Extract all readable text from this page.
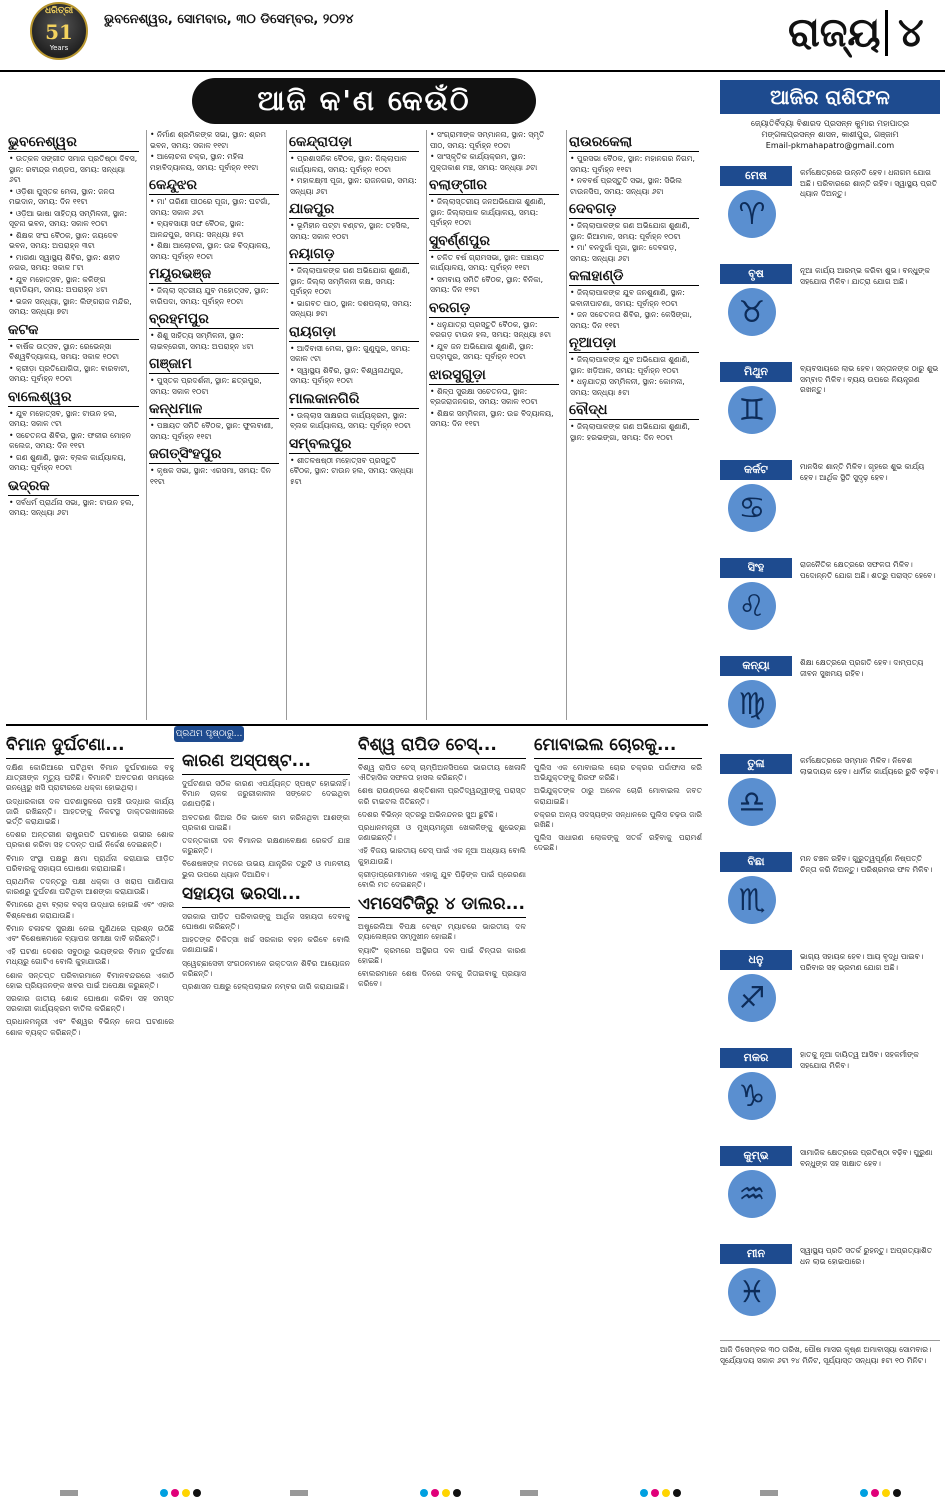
ଧରିତ୍ରୀ
51
Years
ଭୁବନେଶ୍ୱର, ସୋମବାର, ୩୦ ଡିସେମ୍ବର, ୨୦୨୪	ରାଜ୍ୟ ୪
ଆଜି କ'ଣ କେଉଁଠି
ଭୁବନେଶ୍ୱର
• ଉତ୍କଳ ସଙ୍ଗୀତ ସମାଜ ପ୍ରତିଷ୍ଠା ଦିବସ, ସ୍ଥାନ: ରବୀନ୍ଦ୍ର ମଣ୍ଡପ, ସମୟ: ସନ୍ଧ୍ୟା ୬ଟା
• ଓଡ଼ିଶା ପୁସ୍ତକ ମେଳା, ସ୍ଥାନ: ଜନତା ମଇଦାନ, ସମୟ: ଦିନ ୧୧ଟା
• ଓଡ଼ିଆ ଭାଷା ସାହିତ୍ୟ ସମ୍ମିଳନୀ, ସ୍ଥାନ: ସୂଚନା ଭବନ, ସମୟ: ସକାଳ ୧୦ଟା
• ଶିକ୍ଷକ ସଂଘ ବୈଠକ, ସ୍ଥାନ: ଜୟଦେବ ଭବନ, ସମୟ: ଅପରାହ୍ନ ୩ଟା
• ମାଗଣା ସ୍ୱାସ୍ଥ୍ୟ ଶିବିର, ସ୍ଥାନ: ଶହୀଦ ନଗର, ସମୟ: ସକାଳ ୮ଟା
• ଯୁବ ମହୋତ୍ସବ, ସ୍ଥାନ: କଳିଙ୍ଗ ଷ୍ଟାଡିୟମ, ସମୟ: ଅପରାହ୍ନ ୪ଟା
• ଭଜନ ସନ୍ଧ୍ୟା, ସ୍ଥାନ: ଲିଙ୍ଗରାଜ ମନ୍ଦିର, ସମୟ: ସନ୍ଧ୍ୟା ୭ଟା
କଟକ
• ବାର୍ଷିକ ଉତ୍ସବ, ସ୍ଥାନ: ରେଭେନ୍ସା ବିଶ୍ୱବିଦ୍ୟାଳୟ, ସମୟ: ସକାଳ ୧୦ଟା
• କ୍ରୀଡ଼ା ପ୍ରତିଯୋଗିତା, ସ୍ଥାନ: ବାରବାଟୀ, ସମୟ: ପୂର୍ବାହ୍ନ ୧୦ଟା
ବାଲେଶ୍ୱର
• ଯୁବ ମହୋତ୍ସବ, ସ୍ଥାନ: ଟାଉନ ହଲ, ସମୟ: ସକାଳ ୯ଟା
• ସଚେତନତା ଶିବିର, ସ୍ଥାନ: ଫକୀର ମୋହନ କଲେଜ, ସମୟ: ଦିନ ୧୧ଟା
• ଗଣ ଶୁଣାଣି, ସ୍ଥାନ: ବ୍ଲକ କାର୍ଯ୍ୟାଳୟ, ସମୟ: ପୂର୍ବାହ୍ନ ୧୦ଟା
ଭଦ୍ରକ
• ସର୍ବଧର୍ମ ପ୍ରାର୍ଥନା ସଭା, ସ୍ଥାନ: ଟାଉନ ହଲ, ସମୟ: ସନ୍ଧ୍ୟା ୬ଟା
• ନିର୍ମାଣ ଶ୍ରମିକଙ୍କ ସଭା, ସ୍ଥାନ: ଶ୍ରମ ଭବନ, ସମୟ: ସକାଳ ୧୧ଟା
• ଆଲୋଚନା ଚକ୍ର, ସ୍ଥାନ: ମହିଳା ମହାବିଦ୍ୟାଳୟ, ସମୟ: ପୂର୍ବାହ୍ନ ୧୧ଟା
କେନ୍ଦୁଝର
• ମା' ତାରିଣୀ ପୀଠରେ ପୂଜା, ସ୍ଥାନ: ଘଟଗାଁ, ସମୟ: ସକାଳ ୬ଟା
• ବ୍ୟବସାୟୀ ସଙ୍ଘ ବୈଠକ, ସ୍ଥାନ: ଆନନ୍ଦପୁର, ସମୟ: ସନ୍ଧ୍ୟା ୫ଟା
• ଶିକ୍ଷା ଆଲୋଚନା, ସ୍ଥାନ: ଉଚ୍ଚ ବିଦ୍ୟାଳୟ, ସମୟ: ପୂର୍ବାହ୍ନ ୧୦ଟା
ମୟୂରଭଞ୍ଜ
• ଜିଲ୍ଲା ସ୍ତରୀୟ ଯୁବ ମହୋତ୍ସବ, ସ୍ଥାନ: ବାରିପଦା, ସମୟ: ପୂର୍ବାହ୍ନ ୧୦ଟା
ବ୍ରହ୍ମପୁର
• ଶିଶୁ ସାହିତ୍ୟ ସମ୍ମିଳନୀ, ସ୍ଥାନ: ଲାଇବ୍ରେରୀ, ସମୟ: ଅପରାହ୍ନ ୪ଟା
ଗଞ୍ଜାମ
• ପୁସ୍ତକ ପ୍ରଦର୍ଶନୀ, ସ୍ଥାନ: ଛତ୍ରପୁର, ସମୟ: ସକାଳ ୧୦ଟା
କନ୍ଧମାଳ
• ପଞ୍ଚାୟତ ସମିତି ବୈଠକ, ସ୍ଥାନ: ଫୁଲବାଣୀ, ସମୟ: ପୂର୍ବାହ୍ନ ୧୧ଟା
ଜଗତ୍‌ସିଂହପୁର
• କୃଷକ ସଭା, ସ୍ଥାନ: ଏରସମା, ସମୟ: ଦିନ ୧୧ଟା
କେନ୍ଦ୍ରାପଡ଼ା
• ପ୍ରଶାସନିକ ବୈଠକ, ସ୍ଥାନ: ଜିଲ୍ଲାପାଳ କାର୍ଯ୍ୟାଳୟ, ସମୟ: ପୂର୍ବାହ୍ନ ୧୦ଟା
• ମହାଳକ୍ଷ୍ମୀ ପୂଜା, ସ୍ଥାନ: ରାଜନଗର, ସମୟ: ସନ୍ଧ୍ୟା ୬ଟା
ଯାଜପୁର
• ଭୂମିହୀନ ପଟ୍ଟା ବଣ୍ଟନ, ସ୍ଥାନ: ତହସିଲ, ସମୟ: ସକାଳ ୧୦ଟା
ନୟାଗଡ଼
• ଜିଲ୍ଲାପାଳଙ୍କ ଗଣ ଅଭିଯୋଗ ଶୁଣାଣି, ସ୍ଥାନ: ଜିଲ୍ଲା ସମ୍ମିଳନୀ କକ୍ଷ, ସମୟ: ପୂର୍ବାହ୍ନ ୧୦ଟା
• ଭାଗବତ ପାଠ, ସ୍ଥାନ: ଦଶପଲ୍ଲା, ସମୟ: ସନ୍ଧ୍ୟା ୭ଟା
ରାୟଗଡ଼ା
• ଆଦିବାସୀ ମେଳା, ସ୍ଥାନ: ଗୁଣୁପୁର, ସମୟ: ସକାଳ ୯ଟା
• ସ୍ୱାସ୍ଥ୍ୟ ଶିବିର, ସ୍ଥାନ: ବିଶ୍ୱନାଥପୁର, ସମୟ: ପୂର୍ବାହ୍ନ ୧୦ଟା
ମାଲକାନଗିରି
• ଉଲ୍ଲାସ ସାକ୍ଷରତା କାର୍ଯ୍ୟକ୍ରମ, ସ୍ଥାନ: ବ୍ଲକ କାର୍ଯ୍ୟାଳୟ, ସମୟ: ପୂର୍ବାହ୍ନ ୧୦ଟା
ସମ୍ବଲପୁର
• ଶୀତଳଷଷ୍ଠୀ ମହୋତ୍ସବ ପ୍ରସ୍ତୁତି ବୈଠକ, ସ୍ଥାନ: ଟାଉନ ହଲ, ସମୟ: ସନ୍ଧ୍ୟା ୫ଟା
• ସଂଗ୍ରାମୀଙ୍କ ସମ୍ମାନନା, ସ୍ଥାନ: ସ୍ମୃତି ପୀଠ, ସମୟ: ପୂର୍ବାହ୍ନ ୧୦ଟା
• ସାଂସ୍କୃତିକ କାର୍ଯ୍ୟକ୍ରମ, ସ୍ଥାନ: ମୁକ୍ତାକାଶ ମଞ୍ଚ, ସମୟ: ସନ୍ଧ୍ୟା ୬ଟା
ବଲାଙ୍ଗୀର
• ଜିଲ୍ଲାସ୍ତରୀୟ ଜନଅଭିଯୋଗ ଶୁଣାଣି, ସ୍ଥାନ: ଜିଲ୍ଲାପାଳ କାର୍ଯ୍ୟାଳୟ, ସମୟ: ପୂର୍ବାହ୍ନ ୧୦ଟା
ସୁବର୍ଣ୍ଣପୁର
• ଚଳିତ ବର୍ଷ ଗ୍ରାମସଭା, ସ୍ଥାନ: ପଞ୍ଚାୟତ କାର୍ଯ୍ୟାଳୟ, ସମୟ: ପୂର୍ବାହ୍ନ ୧୧ଟା
• ସମବାୟ ସମିତି ବୈଠକ, ସ୍ଥାନ: ବିନିକା, ସମୟ: ଦିନ ୧୨ଟା
ବରଗଡ଼
• ଧନୁଯାତ୍ରା ପ୍ରସ୍ତୁତି ବୈଠକ, ସ୍ଥାନ: ବରଗଡ଼ ଟାଉନ ହଲ, ସମୟ: ସନ୍ଧ୍ୟା ୫ଟା
• ଯୁବ ଜନ ଅଭିଯୋଗ ଶୁଣାଣି, ସ୍ଥାନ: ପଦ୍ମପୁର, ସମୟ: ପୂର୍ବାହ୍ନ ୧୦ଟା
ଝାରସୁଗୁଡ଼ା
• ଶିଳ୍ପ ସୁରକ୍ଷା ସଚେତନତା, ସ୍ଥାନ: ବ୍ରଜରାଜନଗର, ସମୟ: ସକାଳ ୧୦ଟା
• ଶିକ୍ଷକ ସମ୍ମିଳନୀ, ସ୍ଥାନ: ଉଚ୍ଚ ବିଦ୍ୟାଳୟ, ସମୟ: ଦିନ ୧୧ଟା
ରାଉରକେଲା
• ପୁରସଭା ବୈଠକ, ସ୍ଥାନ: ମହାନଗର ନିଗମ, ସମୟ: ପୂର୍ବାହ୍ନ ୧୧ଟା
• ନବବର୍ଷ ପ୍ରସ୍ତୁତି ସଭା, ସ୍ଥାନ: ସିଭିଲ ଟାଉନସିପ, ସମୟ: ସନ୍ଧ୍ୟା ୬ଟା
ଦେବଗଡ଼
• ଜିଲ୍ଲାପାଳଙ୍କ ଗଣ ଅଭିଯୋଗ ଶୁଣାଣି, ସ୍ଥାନ: ରିଆମାଳ, ସମୟ: ପୂର୍ବାହ୍ନ ୧୦ଟା
• ମା' ବନଦୁର୍ଗା ପୂଜା, ସ୍ଥାନ: ଦେବଗଡ଼, ସମୟ: ସନ୍ଧ୍ୟା ୬ଟା
କଳାହାଣ୍ଡି
• ଜିଲ୍ଲାପାଳଙ୍କ ଯୁବ ଜନଶୁଣାଣି, ସ୍ଥାନ: ଭବାନୀପାଟଣା, ସମୟ: ପୂର୍ବାହ୍ନ ୧୦ଟା
• ଜନ ସଚେତନତା ଶିବିର, ସ୍ଥାନ: କେସିଙ୍ଗା, ସମୟ: ଦିନ ୧୧ଟା
ନୂଆପଡ଼ା
• ଜିଲ୍ଲାପାଳଙ୍କ ଯୁବ ଅଭିଯୋଗ ଶୁଣାଣି, ସ୍ଥାନ: ଖଡ଼ିଆଳ, ସମୟ: ପୂର୍ବାହ୍ନ ୧୦ଟା
• ଧନୁଯାତ୍ରା ସମ୍ମିଳନୀ, ସ୍ଥାନ: କୋମନା, ସମୟ: ସନ୍ଧ୍ୟା ୫ଟା
ବୌଦ୍ଧ
• ଜିଲ୍ଲାପାଳଙ୍କ ଗଣ ଅଭିଯୋଗ ଶୁଣାଣି, ସ୍ଥାନ: ହରଭଙ୍ଗା, ସମୟ: ଦିନ ୧୦ଟା
ଆଜିର ରାଶିଫଳ
ଜ୍ୟୋତିର୍ବିଦ୍ୟା ବିଶାରଦ ପ୍ରସନ୍ନ କୁମାର ମହାପାତ୍ର
ମଙ୍ଗଳାପ୍ରସନ୍ନ ଶାସନ, କାଶୀପୁର, ଗଞ୍ଜାମ
Email-pkmahapatro@gmail.com
ଆଜି ଡିସେମ୍ବର ୩୦ ତାରିଖ, ପୌଷ ମାସର କୃଷ୍ଣ ଅମାବାସ୍ୟା ସୋମବାର। ସୂର୍ଯ୍ୟୋଦୟ ସକାଳ ୬ଟା ୨୪ ମିନିଟ, ସୂର୍ଯ୍ୟାସ୍ତ ସନ୍ଧ୍ୟା ୫ଟା ୧୦ ମିନିଟ।
ମେଷ
♈
କର୍ମକ୍ଷେତ୍ରରେ ଉନ୍ନତି ହେବ। ଧନାଗମ ଯୋଗ ଅଛି। ପରିବାରରେ ଶାନ୍ତି ରହିବ। ସ୍ୱାସ୍ଥ୍ୟ ପ୍ରତି ଧ୍ୟାନ ଦିଅନ୍ତୁ।
ବୃଷ
♉
ନୂଆ କାର୍ଯ୍ୟ ଆରମ୍ଭ କରିବା ଶୁଭ। ବନ୍ଧୁଙ୍କ ସହଯୋଗ ମିଳିବ। ଯାତ୍ରା ଯୋଗ ଅଛି।
ମିଥୁନ
♊
ବ୍ୟବସାୟରେ ଲାଭ ହେବ। ସନ୍ତାନଙ୍କ ଠାରୁ ଶୁଭ ସମ୍ବାଦ ମିଳିବ। ବ୍ୟୟ ଉପରେ ନିୟନ୍ତ୍ରଣ ରଖନ୍ତୁ।
କର୍କଟ
♋
ମାନସିକ ଶାନ୍ତି ମିଳିବ। ଗୃହରେ ଶୁଭ କାର୍ଯ୍ୟ ହେବ। ଆର୍ଥିକ ସ୍ଥିତି ସୁଦୃଢ଼ ହେବ।
ସିଂହ
♌
ରାଜନୈତିକ କ୍ଷେତ୍ରରେ ସଫଳତା ମିଳିବ। ପଦୋନ୍ନତି ଯୋଗ ଅଛି। ଶତ୍ରୁ ପରାସ୍ତ ହେବେ।
କନ୍ୟା
♍
ଶିକ୍ଷା କ୍ଷେତ୍ରରେ ପ୍ରଗତି ହେବ। ଦାମ୍ପତ୍ୟ ଜୀବନ ସୁଖମୟ ରହିବ।
ତୁଳା
♎
କର୍ମକ୍ଷେତ୍ରରେ ସମ୍ମାନ ମିଳିବ। ନିବେଶ ଲାଭଦାୟକ ହେବ। ଧାର୍ମିକ କାର୍ଯ୍ୟରେ ରୁଚି ବଢ଼ିବ।
ବିଛା
♏
ମନ ଚଞ୍ଚଳ ରହିବ। ଗୁରୁତ୍ୱପୂର୍ଣ୍ଣ ନିଷ୍ପତ୍ତି ଚିନ୍ତା କରି ନିଅନ୍ତୁ। ପରିଶ୍ରମର ଫଳ ମିଳିବ।
ଧନୁ
♐
ଭାଗ୍ୟ ସହାୟକ ହେବ। ଆୟ ବୃଦ୍ଧି ପାଇବ। ପରିବାର ସହ ଭ୍ରମଣ ଯୋଗ ଅଛି।
ମକର
♑
ହାତକୁ ନୂଆ ଦାୟିତ୍ୱ ଆସିବ। ସହକର୍ମୀଙ୍କ ସହଯୋଗ ମିଳିବ।
କୁମ୍ଭ
♒
ସାମାଜିକ କ୍ଷେତ୍ରରେ ପ୍ରତିଷ୍ଠା ବଢ଼ିବ। ପୁରୁଣା ବନ୍ଧୁଙ୍କ ସହ ସାକ୍ଷାତ ହେବ।
ମୀନ
♓
ସ୍ୱାସ୍ଥ୍ୟ ପ୍ରତି ସତର୍କ ରୁହନ୍ତୁ। ଅପ୍ରତ୍ୟାଶିତ ଧନ ଲାଭ ହୋଇପାରେ।
ପ୍ରଥମ ପୃଷ୍ଠାରୁ...
ବିମାନ ଦୁର୍ଘଟଣା...
ଦକ୍ଷିଣ କୋରିଆରେ ଘଟିଥିବା ବିମାନ ଦୁର୍ଘଟଣାରେ ବହୁ ଯାତ୍ରୀଙ୍କ ମୃତ୍ୟୁ ଘଟିଛି। ବିମାନଟି ଅବତରଣ ସମୟରେ ରନୱେରୁ ଖସି ପ୍ରାଚୀରରେ ଧକ୍କା ହୋଇଥିଲା।
ଉଦ୍ଧାରକାରୀ ଦଳ ଘଟଣାସ୍ଥଳରେ ପହଞ୍ଚି ଉଦ୍ଧାର କାର୍ଯ୍ୟ ଜାରି ରଖିଛନ୍ତି। ଆହତଙ୍କୁ ନିକଟସ୍ଥ ଡାକ୍ତରଖାନାରେ ଭର୍ତ୍ତି କରାଯାଇଛି।
ଦେଶର ଅନ୍ତରୀଣ ରାଷ୍ଟ୍ରପତି ଘଟଣାରେ ଗଭୀର ଶୋକ ପ୍ରକାଶ କରିବା ସହ ତଦନ୍ତ ପାଇଁ ନିର୍ଦ୍ଦେଶ ଦେଇଛନ୍ତି।
ବିମାନ ସଂସ୍ଥା ପକ୍ଷରୁ କ୍ଷମା ପ୍ରାର୍ଥନା କରାଯାଇ ପୀଡ଼ିତ ପରିବାରକୁ ସହାୟତା ଘୋଷଣା କରାଯାଇଛି।
ପ୍ରାଥମିକ ତଦନ୍ତରୁ ପକ୍ଷୀ ଧକ୍କା ଓ ଖରାପ ପାଣିପାଗ କାରଣରୁ ଦୁର୍ଘଟଣା ଘଟିଥିବା ଆଶଙ୍କା କରାଯାଉଛି।
ବିମାନରେ ଥିବା ବ୍ଲାକ ବକ୍ସ ଉଦ୍ଧାର ହୋଇଛି ଏବଂ ଏହାର ବିଶ୍ଳେଷଣ କରାଯାଉଛି।
ବିମାନ ଚଳାଚଳ ସୁରକ୍ଷା ନେଇ ପୁଣିଥରେ ପ୍ରଶ୍ନ ଉଠିଛି ଏବଂ ବିଶେଷଜ୍ଞମାନେ ବ୍ୟାପକ ସମୀକ୍ଷା ଦାବି କରିଛନ୍ତି।
ଏହି ଘଟଣା ଦେଶର ସବୁଠାରୁ ଭୟଙ୍କର ବିମାନ ଦୁର୍ଘଟଣା ମଧ୍ୟରୁ ଗୋଟିଏ ବୋଲି କୁହାଯାଉଛି।
ଶୋକ ସନ୍ତପ୍ତ ପରିବାରମାନେ ବିମାନବନ୍ଦରରେ ଏକାଠି ହୋଇ ପ୍ରିୟଜନଙ୍କ ଖବର ପାଇଁ ଅପେକ୍ଷା କରୁଛନ୍ତି।
ସରକାର ଜାତୀୟ ଶୋକ ଘୋଷଣା କରିବା ସହ ସମସ୍ତ ସରକାରୀ କାର୍ଯ୍ୟକ୍ରମ ବାତିଲ କରିଛନ୍ତି।
ପ୍ରଧାନମନ୍ତ୍ରୀ ଏବଂ ବିଶ୍ୱର ବିଭିନ୍ନ ନେତା ଘଟଣାରେ ଶୋକ ବ୍ୟକ୍ତ କରିଛନ୍ତି।
କାରଣ ଅସ୍ପଷ୍ଟ...
ଦୁର୍ଘଟଣାର ସଠିକ କାରଣ ଏପର୍ଯ୍ୟନ୍ତ ସ୍ପଷ୍ଟ ହୋଇନାହିଁ। ବିମାନ ଚାଳକ ଜରୁରୀକାଳୀନ ସଙ୍କେତ ଦେଇଥିବା ଜଣାପଡ଼ିଛି।
ଅବତରଣ ଗିଅର ଠିକ ଭାବେ କାମ କରିନଥିବା ଆଶଙ୍କା ପ୍ରକାଶ ପାଇଛି।
ତଦନ୍ତକାରୀ ଦଳ ବିମାନର ରକ୍ଷଣାବେକ୍ଷଣ ରେକର୍ଡ ଯାଞ୍ଚ କରୁଛନ୍ତି।
ବିଶେଷଜ୍ଞଙ୍କ ମତରେ ଉଭୟ ଯାନ୍ତ୍ରିକ ତ୍ରୁଟି ଓ ମାନବୀୟ ଭୁଲ ଉପରେ ଧ୍ୟାନ ଦିଆଯିବ।
ସହାୟତା ଭରସା...
ସରକାର ପୀଡ଼ିତ ପରିବାରଙ୍କୁ ଆର୍ଥିକ ସହାୟତା ଦେବାକୁ ଘୋଷଣା କରିଛନ୍ତି।
ଆହତଙ୍କ ଚିକିତ୍ସା ଖର୍ଚ୍ଚ ସରକାର ବହନ କରିବେ ବୋଲି ଜଣାଯାଇଛି।
ସ୍ୱେଚ୍ଛାସେବୀ ସଂଗଠନମାନେ ରକ୍ତଦାନ ଶିବିର ଆୟୋଜନ କରିଛନ୍ତି।
ପ୍ରଶାସନ ପକ୍ଷରୁ ହେଲ୍ପଲାଇନ ନମ୍ବର ଜାରି କରାଯାଇଛି।
ବିଶ୍ୱ ରାପିଡ ଚେସ୍...
ବିଶ୍ୱ ରାପିଡ ଚେସ୍ ଚାମ୍ପିଅନସିପରେ ଭାରତୀୟ ଖେଳାଳି ଐତିହାସିକ ସଫଳତା ହାସଲ କରିଛନ୍ତି।
ଶେଷ ରାଉଣ୍ଡରେ ଶକ୍ତିଶାଳୀ ପ୍ରତିଦ୍ୱନ୍ଦ୍ୱୀଙ୍କୁ ପରାସ୍ତ କରି ଟାଇଟଲ ଜିତିଛନ୍ତି।
ଦେଶର ବିଭିନ୍ନ ସ୍ତରରୁ ଅଭିନନ୍ଦନର ସୁଅ ଛୁଟିଛି।
ପ୍ରଧାନମନ୍ତ୍ରୀ ଓ ମୁଖ୍ୟମନ୍ତ୍ରୀ ଖେଳାଳିଙ୍କୁ ଶୁଭେଚ୍ଛା ଜଣାଇଛନ୍ତି।
ଏହି ବିଜୟ ଭାରତୀୟ ଚେସ୍ ପାଇଁ ଏକ ନୂଆ ଅଧ୍ୟାୟ ବୋଲି କୁହାଯାଉଛି।
କ୍ରୀଡ଼ାପ୍ରେମୀମାନେ ଏହାକୁ ଯୁବ ପିଢ଼ିଙ୍କ ପାଇଁ ପ୍ରେରଣା ବୋଲି ମତ ଦେଇଛନ୍ତି।
ଏମସେଟିଜିରୁ ୪ ଡାଲର...
ଅଷ୍ଟ୍ରେଲିଆ ବିପକ୍ଷ ଟେଷ୍ଟ ମ୍ୟାଚରେ ଭାରତୀୟ ଦଳ ଚ୍ୟାଲେଞ୍ଜର ସମ୍ମୁଖୀନ ହୋଇଛି।
ବ୍ୟାଟିଂ କ୍ରମରେ ଅସ୍ଥିରତା ଦଳ ପାଇଁ ଚିନ୍ତାର କାରଣ ହୋଇଛି।
ବୋଲରମାନେ ଶେଷ ଦିନରେ ଦଳକୁ ଜିତାଇବାକୁ ପ୍ରୟାସ କରିବେ।
ମୋବାଇଲ ଚୋରକୁ...
ପୁଲିସ ଏକ ମୋବାଇଲ ଚୋର ଚକ୍ରର ପର୍ଦ୍ଦାଫାସ କରି ଅଭିଯୁକ୍ତଙ୍କୁ ଗିରଫ କରିଛି।
ଅଭିଯୁକ୍ତଙ୍କ ଠାରୁ ଅନେକ ଚୋରି ମୋବାଇଲ ଜବତ କରାଯାଇଛି।
ଚକ୍ରର ଅନ୍ୟ ସଦସ୍ୟଙ୍କ ସନ୍ଧାନରେ ପୁଲିସ ଚଢ଼ଉ ଜାରି ରଖିଛି।
ପୁଲିସ ସାଧାରଣ ଲୋକଙ୍କୁ ସତର୍କ ରହିବାକୁ ପରାମର୍ଶ ଦେଇଛି।
